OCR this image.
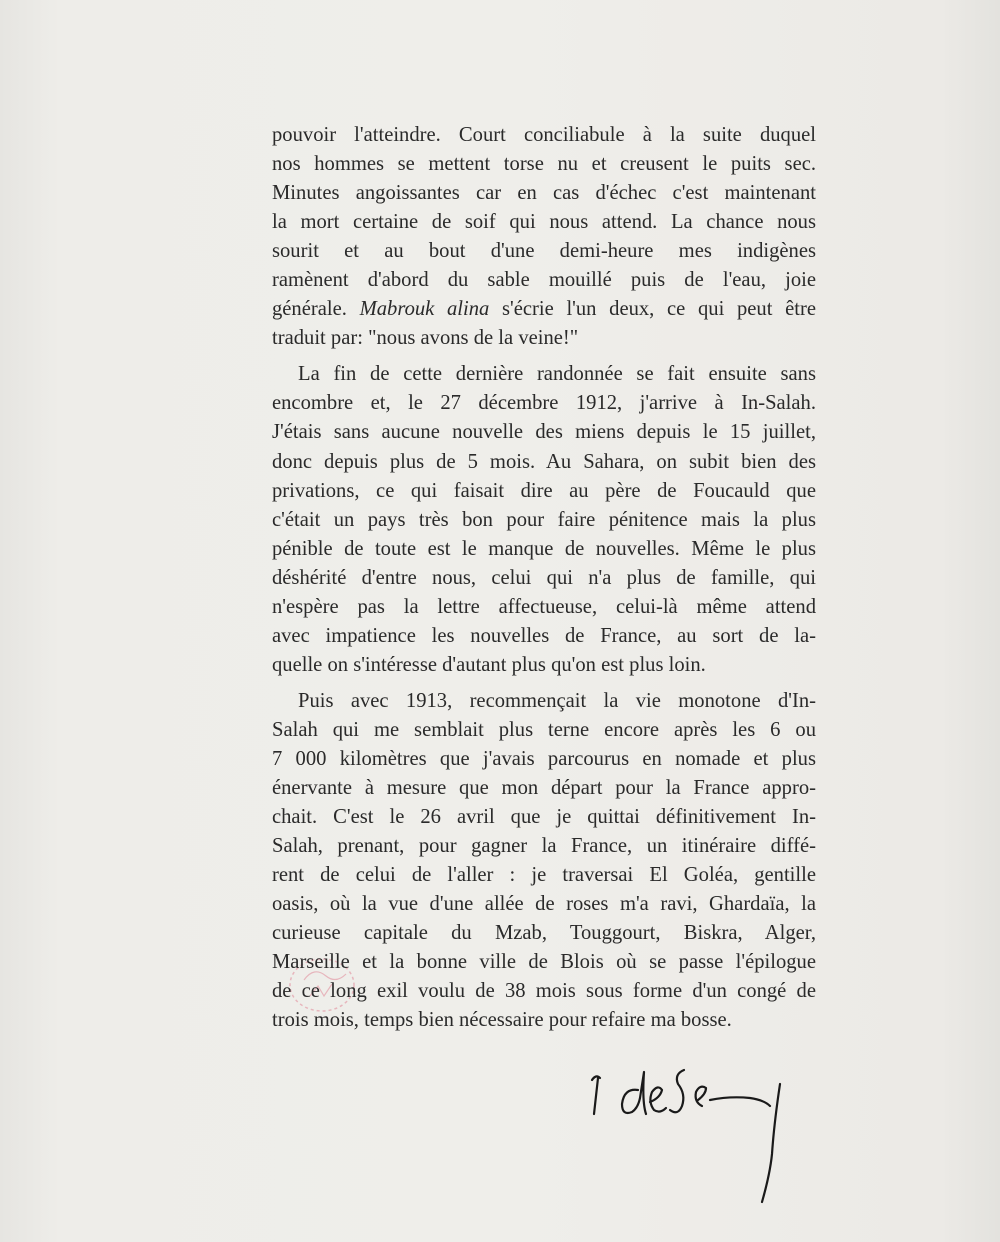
pouvoir l'atteindre. Court conciliabule à la suite duquel
nos hommes se mettent torse nu et creusent le puits sec.
Minutes angoissantes car en cas d'échec c'est maintenant
la mort certaine de soif qui nous attend. La chance nous
sourit et au bout d'une demi-heure mes indigènes
ramènent d'abord du sable mouillé puis de l'eau, joie
générale. Mabrouk alina s'écrie l'un deux, ce qui peut être
traduit par: "nous avons de la veine!"
La fin de cette dernière randonnée se fait ensuite sans
encombre et, le 27 décembre 1912, j'arrive à In-Salah.
J'étais sans aucune nouvelle des miens depuis le 15 juillet,
donc depuis plus de 5 mois. Au Sahara, on subit bien des
privations, ce qui faisait dire au père de Foucauld que
c'était un pays très bon pour faire pénitence mais la plus
pénible de toute est le manque de nouvelles. Même le plus
déshérité d'entre nous, celui qui n'a plus de famille, qui
n'espère pas la lettre affectueuse, celui-là même attend
avec impatience les nouvelles de France, au sort de la-
quelle on s'intéresse d'autant plus qu'on est plus loin.
Puis avec 1913, recommençait la vie monotone d'In-
Salah qui me semblait plus terne encore après les 6 ou
7 000 kilomètres que j'avais parcourus en nomade et plus
énervante à mesure que mon départ pour la France appro-
chait. C'est le 26 avril que je quittai définitivement In-
Salah, prenant, pour gagner la France, un itinéraire diffé-
rent de celui de l'aller : je traversai El Goléa, gentille
oasis, où la vue d'une allée de roses m'a ravi, Ghardaïa, la
curieuse capitale du Mzab, Touggourt, Biskra, Alger,
Marseille et la bonne ville de Blois où se passe l'épilogue
de ce long exil voulu de 38 mois sous forme d'un congé de
trois mois, temps bien nécessaire pour refaire ma bosse.
